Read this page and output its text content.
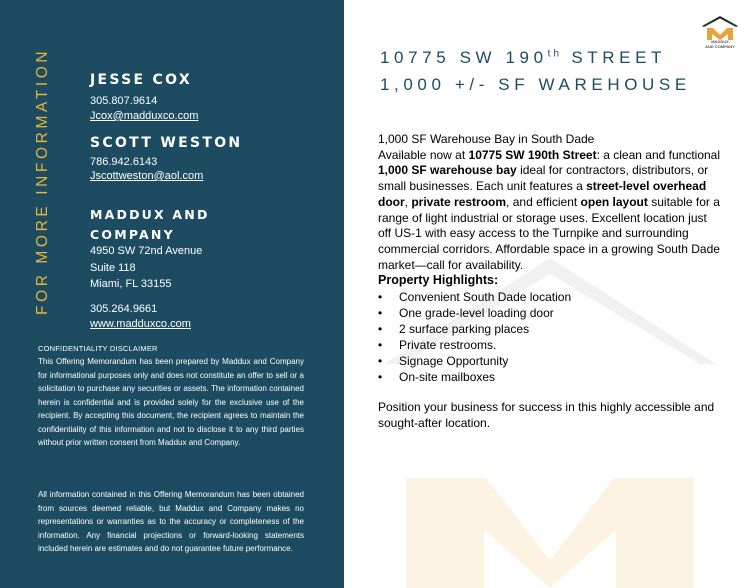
FOR MORE INFORMATION	JESSE COX
305.807.9614
Jcox@madduxco.com
SCOTT WESTON
786.942.6143
Jscottweston@aol.com
MADDUX AND
COMPANY
4950 SW 72nd Avenue
Suite 118
Miami, FL 33155
305.264.9661
www.madduxco.com
CONFIDENTIALITY DISCLAIMER
This Offering Memorandum has been prepared by Maddux and Company for informational purposes only and does not constitute an offer to sell or a solicitation to purchase any securities or assets. The information contained herein is confidential and is provided solely for the exclusive use of the recipient. By accepting this document, the recipient agrees to maintain the confidentiality of this information and not to disclose it to any third parties without prior written consent from Maddux and Company.
All information contained in this Offering Memorandum has been obtained from sources deemed reliable, but Maddux and Company makes no representations or warranties as to the accuracy or completeness of the information. Any financial projections or forward-looking statements included herein are estimates and do not guarantee future performance.
MADDUX
AND COMPANY
10775 SW 190th STREET
1,000 +/- SF WAREHOUSE

1,000 SF Warehouse Bay in South Dade

Available now at 10775 SW 190th Street: a clean and functional 1,000 SF warehouse bay ideal for contractors, distributors, or small businesses. Each unit features a street-level overhead door, private restroom, and efficient open layout suitable for a range of light industrial or storage uses. Excellent location just off US-1 with easy access to the Turnpike and surrounding commercial corridors. Affordable space in a growing South Dade market—call for availability.

Property Highlights:

• Convenient South Dade location
• One grade-level loading door
• 2 surface parking places
• Private restrooms.
• Signage Opportunity
• On-site mailboxes

Position your business for success in this highly accessible and sought-after location.
